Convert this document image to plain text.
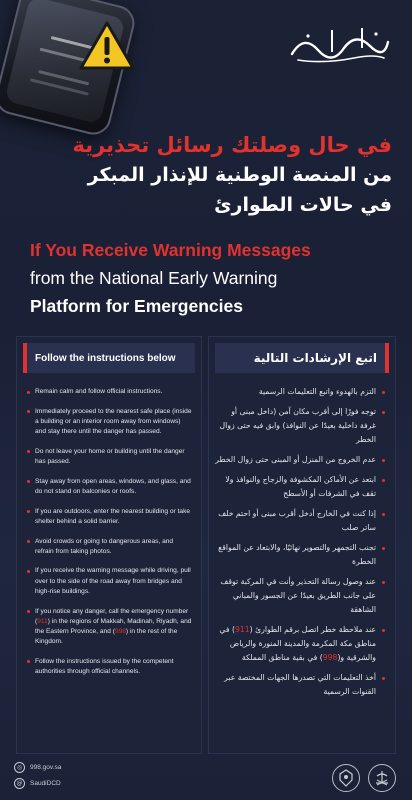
في حال وصلتك رسائل تحذيرية
من المنصة الوطنية للإنذار المبكر
في حالات الطوارئ
If You Receive Warning Messages
from the National Early Warning
Platform for Emergencies
Follow the instructions below
Remain calm and follow official instructions.
Immediately proceed to the nearest safe place (inside a building or an interior room away from windows) and stay there until the danger has passed.
Do not leave your home or building until the danger has passed.
Stay away from open areas, windows, and glass, and do not stand on balconies or roofs.
If you are outdoors, enter the nearest building or take shelter behind a solid barrier.
Avoid crowds or going to dangerous areas, and refrain from taking photos.
If you receive the warning message while driving, pull over to the side of the road away from bridges and high-rise buildings.
If you notice any danger, call the emergency number (911) in the regions of Makkah, Madinah, Riyadh, and the Eastern Province, and (998) in the rest of the Kingdom.
Follow the instructions issued by the competent authorities through official channels.
اتبع الإرشادات التالية
التزم بالهدوء واتبع التعليمات الرسمية
توجه فورًا إلى أقرب مكان آمن (داخل مبنى أو غرفة داخلية بعيدًا عن النوافذ) وابق فيه حتى زوال الخطر
عدم الخروج من المنزل أو المبنى حتى زوال الخطر
ابتعد عن الأماكن المكشوفة والزجاج والنوافذ ولا تقف في الشرفات أو الأسطح
إذا كنت في الخارج أدخل أقرب مبنى أو احتم خلف ساتر صلب
تجنب التجمهر والتصوير نهائيًا، والابتعاد عن المواقع الخطرة
عند وصول رسالة التحذير وأنت في المركبة توقف على جانب الطريق بعيدًا عن الجسور والمباني الشاهقة
عند ملاحظة خطر اتصل برقم الطوارئ (911) في مناطق مكة المكرمة والمدينة المنورة والرياض والشرقية و(998) في بقية مناطق المملكة
أخذ التعليمات التي تصدرها الجهات المختصة عبر القنوات الرسمية
◎	998.gov.sa
@	SaudiDCD
